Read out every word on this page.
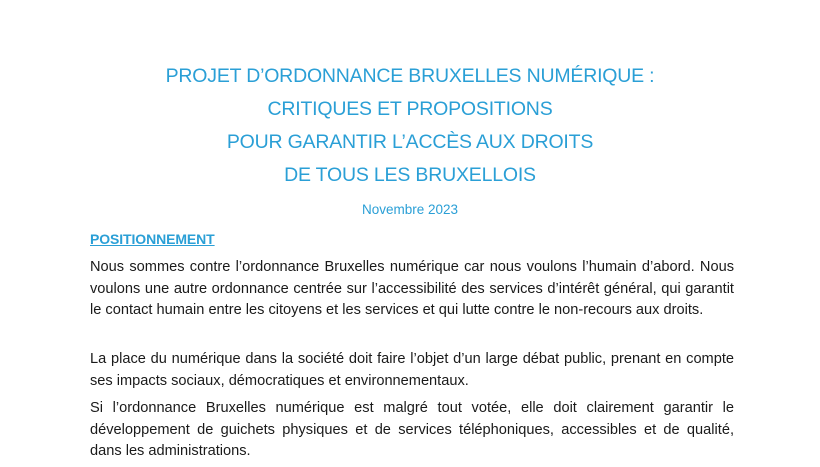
PROJET D’ORDONNANCE BRUXELLES NUMÉRIQUE :
CRITIQUES ET PROPOSITIONS
POUR GARANTIR L’ACCÈS AUX DROITS
DE TOUS LES BRUXELLOIS
Novembre 2023
POSITIONNEMENT

Nous sommes contre l’ordonnance Bruxelles numérique car nous voulons l’humain d’abord. Nous voulons une autre ordonnance centrée sur l’accessibilité des services d’intérêt général, qui garantit le contact humain entre les citoyens et les services et qui lutte contre le non-recours aux droits.

La place du numérique dans la société doit faire l’objet d’un large débat public, prenant en compte ses impacts sociaux, démocratiques et environnementaux.

Si l’ordonnance Bruxelles numérique est malgré tout votée, elle doit clairement garantir le développement de guichets physiques et de services téléphoniques, accessibles et de qualité, dans les administrations.
